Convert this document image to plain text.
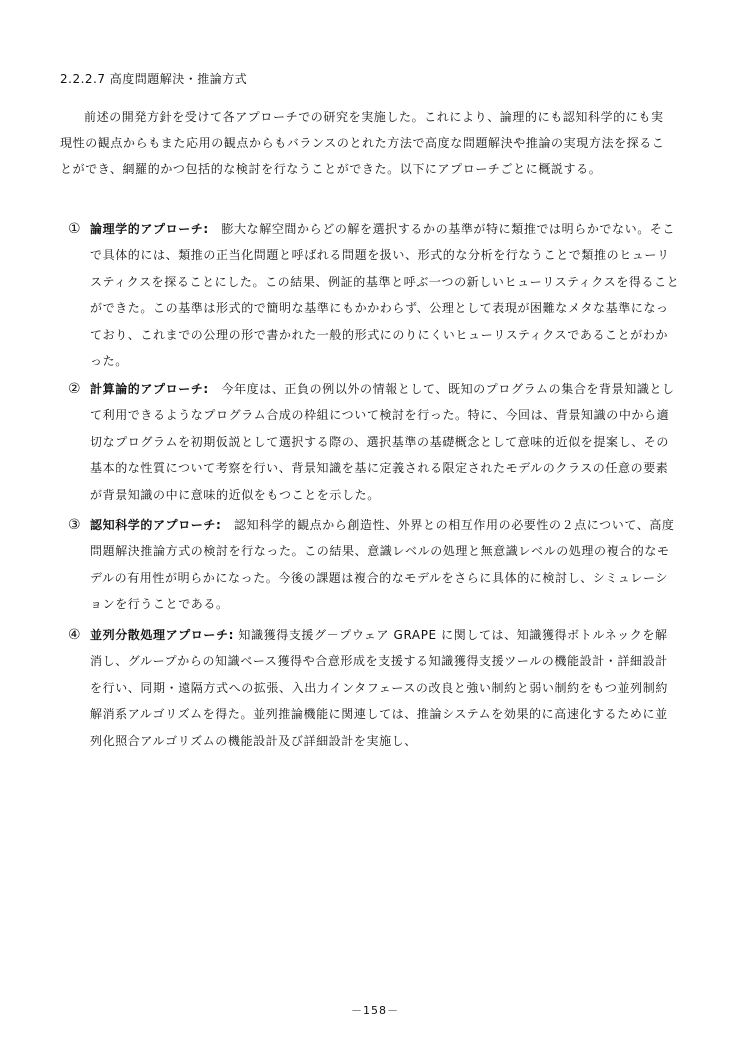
2.2.2.7 高度問題解決・推論方式

前述の開発方針を受けて各アプローチでの研究を実施した。これにより、論理的にも認知科学的にも実現性の観点からもまた応用の観点からもバランスのとれた方法で高度な問題解決や推論の実現方法を探ることができ、網羅的かつ包括的な検討を行なうことができた。以下にアプローチごとに概説する。

① 論理学的アプローチ:　膨大な解空間からどの解を選択するかの基準が特に類推では明らかでない。そこで具体的には、類推の正当化問題と呼ばれる問題を扱い、形式的な分析を行なうことで類推のヒューリスティクスを探ることにした。この結果、例証的基準と呼ぶ一つの新しいヒューリスティクスを得ることができた。この基準は形式的で簡明な基準にもかかわらず、公理として表現が困難なメタな基準になっており、これまでの公理の形で書かれた一般的形式にのりにくいヒューリスティクスであることがわかった。
② 計算論的アプローチ:　今年度は、正負の例以外の情報として、既知のプログラムの集合を背景知識として利用できるようなプログラム合成の枠組について検討を行った。特に、今回は、背景知識の中から適切なプログラムを初期仮説として選択する際の、選択基準の基礎概念として意味的近似を提案し、その基本的な性質について考察を行い、背景知識を基に定義される限定されたモデルのクラスの任意の要素が背景知識の中に意味的近似をもつことを示した。
③ 認知科学的アプローチ:　認知科学的観点から創造性、外界との相互作用の必要性の２点について、高度問題解決推論方式の検討を行なった。この結果、意識レベルの処理と無意識レベルの処理の複合的なモデルの有用性が明らかになった。今後の課題は複合的なモデルをさらに具体的に検討し、シミュレーションを行うことである。
④ 並列分散処理アプローチ: 知識獲得支援グ－プウェア GRAPE に関しては、知識獲得ボトルネックを解消し、グループからの知識ベース獲得や合意形成を支援する知識獲得支援ツールの機能設計・詳細設計を行い、同期・遠隔方式への拡張、入出力インタフェースの改良と強い制約と弱い制約をもつ並列制約解消系アルゴリズムを得た。並列推論機能に関連しては、推論システムを効果的に高速化するために並列化照合アルゴリズムの機能設計及び詳細設計を実施し、
－158－
